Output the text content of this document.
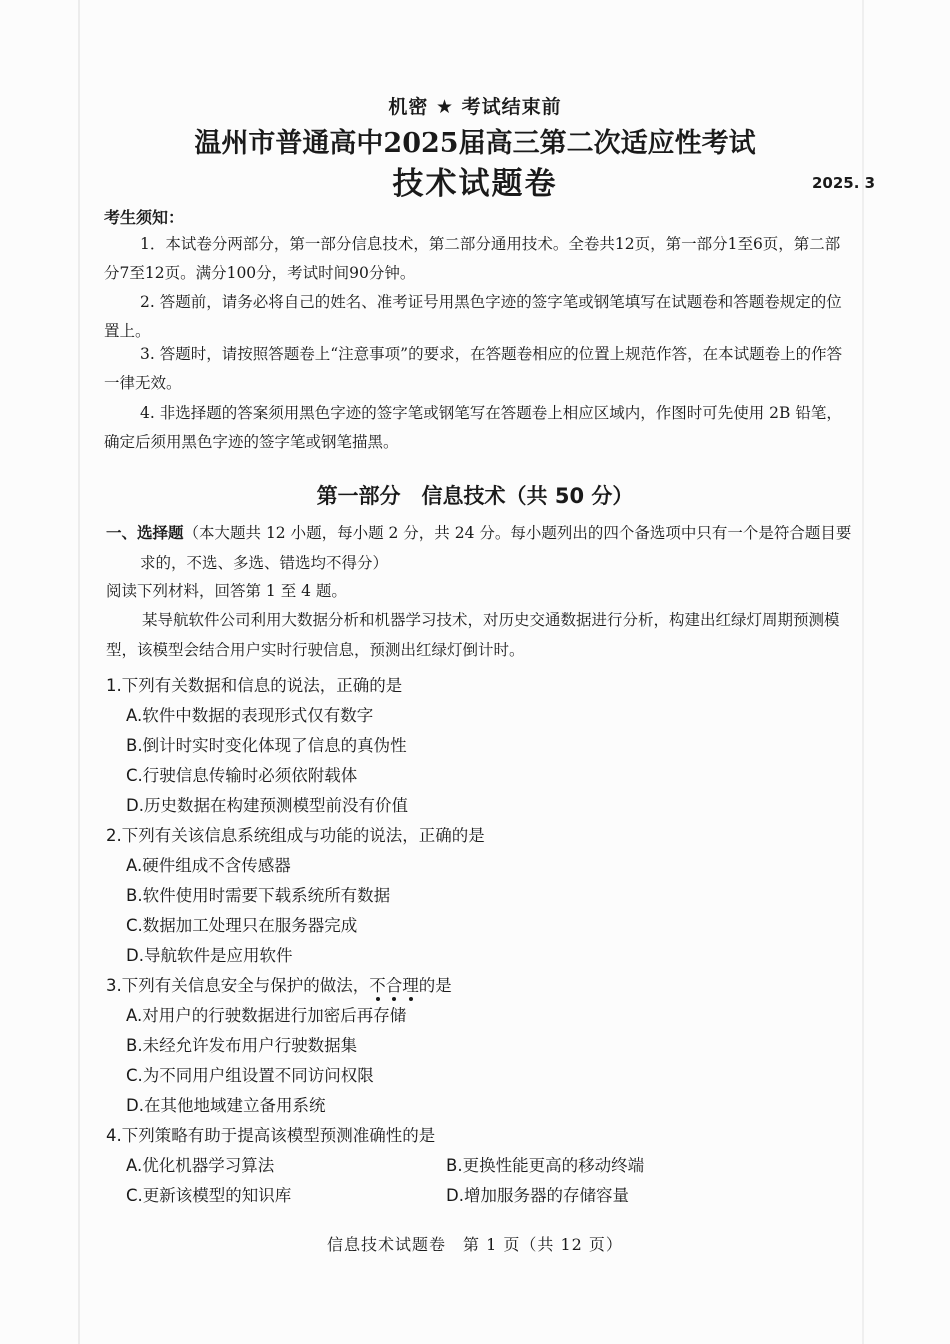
机密 ★ 考试结束前
温州市普通高中2025届高三第二次适应性考试
技术试题卷	2025. 3
考生须知：
1．本试卷分两部分，第一部分信息技术，第二部分通用技术。全卷共12页，第一部分1至6页，第二部分7至12页。满分100分，考试时间90分钟。
2. 答题前，请务必将自己的姓名、准考证号用黑色字迹的签字笔或钢笔填写在试题卷和答题卷规定的位置上。
3. 答题时，请按照答题卷上“注意事项”的要求，在答题卷相应的位置上规范作答，在本试题卷上的作答一律无效。
4. 非选择题的答案须用黑色字迹的签字笔或钢笔写在答题卷上相应区域内，作图时可先使用 2B 铅笔，确定后须用黑色字迹的签字笔或钢笔描黑。
第一部分　信息技术（共 50 分）
一、选择题（本大题共 12 小题，每小题 2 分，共 24 分。每小题列出的四个备选项中只有一个是符合题目要求的，不选、多选、错选均不得分）
阅读下列材料，回答第 1 至 4 题。
某导航软件公司利用大数据分析和机器学习技术，对历史交通数据进行分析，构建出红绿灯周期预测模型，该模型会结合用户实时行驶信息，预测出红绿灯倒计时。
1.下列有关数据和信息的说法，正确的是
A.软件中数据的表现形式仅有数字
B.倒计时实时变化体现了信息的真伪性
C.行驶信息传输时必须依附载体
D.历史数据在构建预测模型前没有价值
2.下列有关该信息系统组成与功能的说法，正确的是
A.硬件组成不含传感器
B.软件使用时需要下载系统所有数据
C.数据加工处理只在服务器完成
D.导航软件是应用软件
3.下列有关信息安全与保护的做法，不合理的是
A.对用户的行驶数据进行加密后再存储
B.未经允许发布用户行驶数据集
C.为不同用户组设置不同访问权限
D.在其他地域建立备用系统
4.下列策略有助于提高该模型预测准确性的是
A.优化机器学习算法	B.更换性能更高的移动终端
C.更新该模型的知识库	D.增加服务器的存储容量
信息技术试题卷　第 1 页（共 12 页）
